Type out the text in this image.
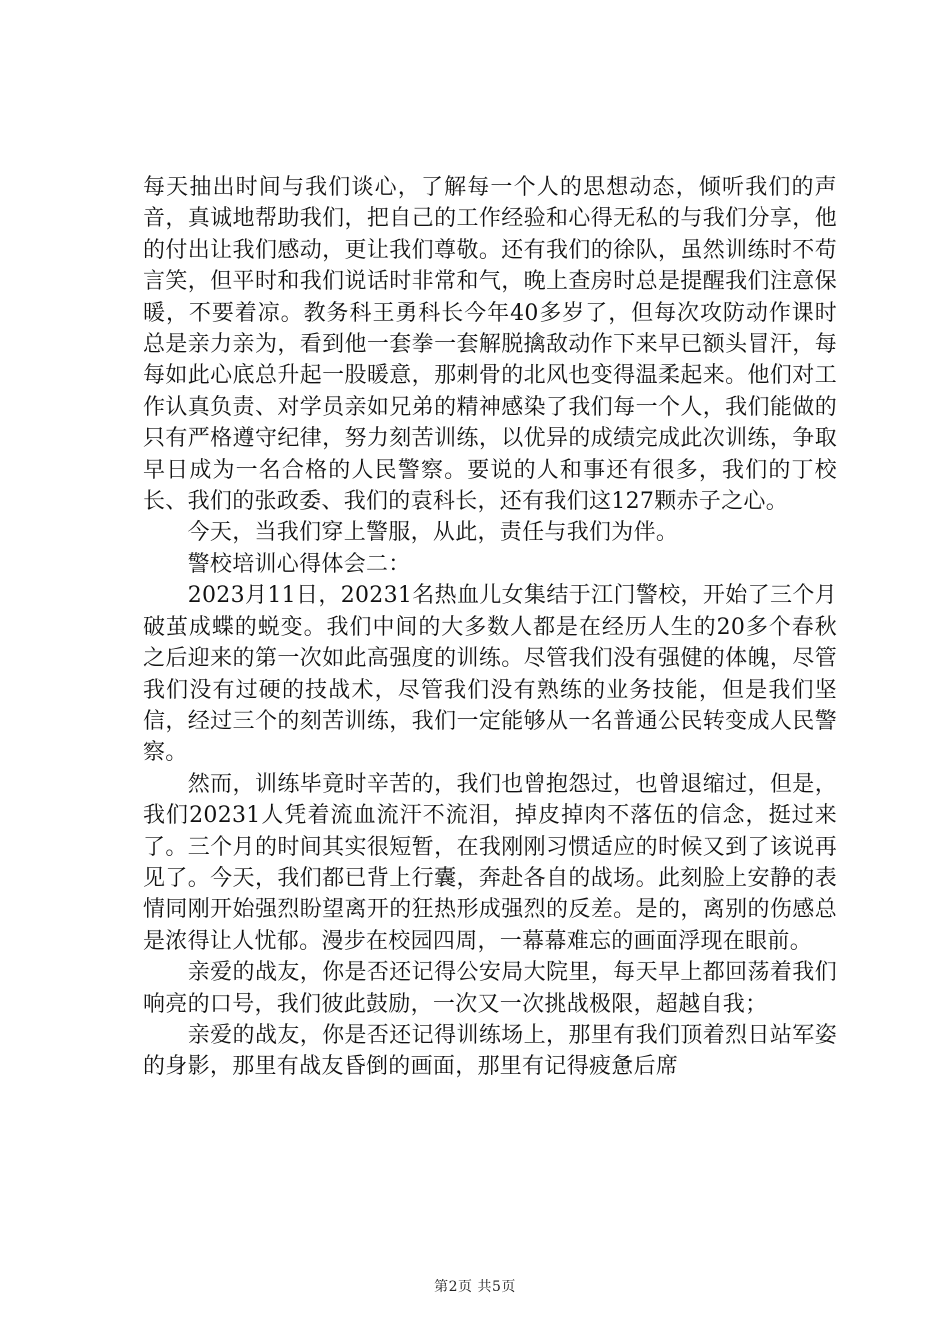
每天抽出时间与我们谈心，了解每一个人的思想动态，倾听我们的声音，真诚地帮助我们，把自己的工作经验和心得无私的与我们分享，他的付出让我们感动，更让我们尊敬。还有我们的徐队，虽然训练时不苟言笑，但平时和我们说话时非常和气，晚上查房时总是提醒我们注意保暖，不要着凉。教务科王勇科长今年40多岁了，但每次攻防动作课时总是亲力亲为，看到他一套拳一套解脱擒敌动作下来早已额头冒汗，每每如此心底总升起一股暖意，那刺骨的北风也变得温柔起来。他们对工作认真负责、对学员亲如兄弟的精神感染了我们每一个人，我们能做的只有严格遵守纪律，努力刻苦训练，以优异的成绩完成此次训练，争取早日成为一名合格的人民警察。要说的人和事还有很多，我们的丁校长、我们的张政委、我们的袁科长，还有我们这127颗赤子之心。

　　今天，当我们穿上警服，从此，责任与我们为伴。

　　警校培训心得体会二：

　　2023月11日，20231名热血儿女集结于江门警校，开始了三个月破茧成蝶的蜕变。我们中间的大多数人都是在经历人生的20多个春秋之后迎来的第一次如此高强度的训练。尽管我们没有强健的体魄，尽管我们没有过硬的技战术，尽管我们没有熟练的业务技能，但是我们坚信，经过三个的刻苦训练，我们一定能够从一名普通公民转变成人民警察。

　　然而，训练毕竟时辛苦的，我们也曾抱怨过，也曾退缩过，但是，我们20231人凭着流血流汗不流泪，掉皮掉肉不落伍的信念，挺过来了。三个月的时间其实很短暂，在我刚刚习惯适应的时候又到了该说再见了。今天，我们都已背上行囊，奔赴各自的战场。此刻脸上安静的表情同刚开始强烈盼望离开的狂热形成强烈的反差。是的，离别的伤感总是浓得让人忧郁。漫步在校园四周，一幕幕难忘的画面浮现在眼前。

　　亲爱的战友，你是否还记得公安局大院里，每天早上都回荡着我们响亮的口号，我们彼此鼓励，一次又一次挑战极限，超越自我；

　　亲爱的战友，你是否还记得训练场上，那里有我们顶着烈日站军姿的身影，那里有战友昏倒的画面，那里有记得疲惫后席

第2页 共5页
